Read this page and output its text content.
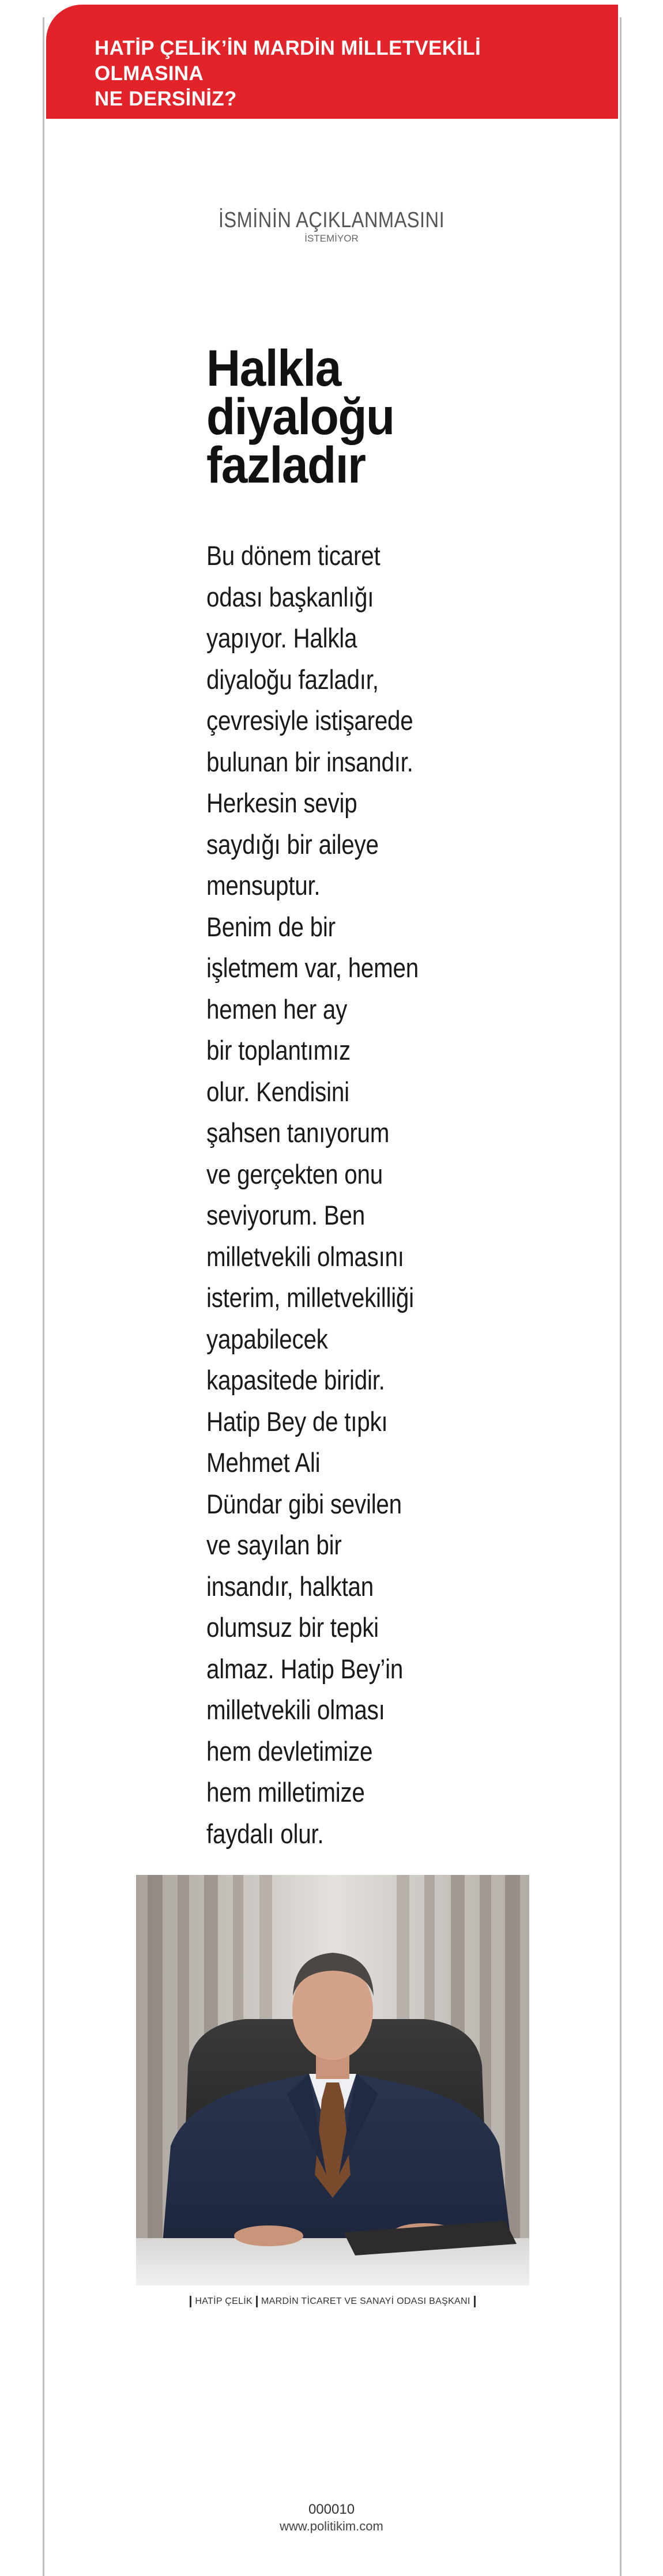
HATİP ÇELİK’İN MARDİN MİLLETVEKİLİ OLMASINA
NE DERSİNİZ?

İSMİNİN AÇIKLANMASINI
İSTEMİYOR
Halkla
diyaloğu
fazladır
Bu dönem ticaret
odası başkanlığı
yapıyor. Halkla
diyaloğu fazladır,
çevresiyle istişarede
bulunan bir insandır.
Herkesin sevip
saydığı bir aileye
mensuptur.
Benim de bir
işletmem var, hemen
hemen her ay
bir toplantımız
olur. Kendisini
şahsen tanıyorum
ve gerçekten onu
seviyorum. Ben
milletvekili olmasını
isterim, milletvekilliği
yapabilecek
kapasitede biridir.
Hatip Bey de tıpkı
Mehmet Ali
Dündar gibi sevilen
ve sayılan bir
insandır, halktan
olumsuz bir tepki
almaz. Hatip Bey’in
milletvekili olması
hem devletimize
hem milletimize
faydalı olur.
HATİP ÇELİK MARDİN TİCARET VE SANAYİ ODASI BAŞKANI
000010
www.politikim.com
